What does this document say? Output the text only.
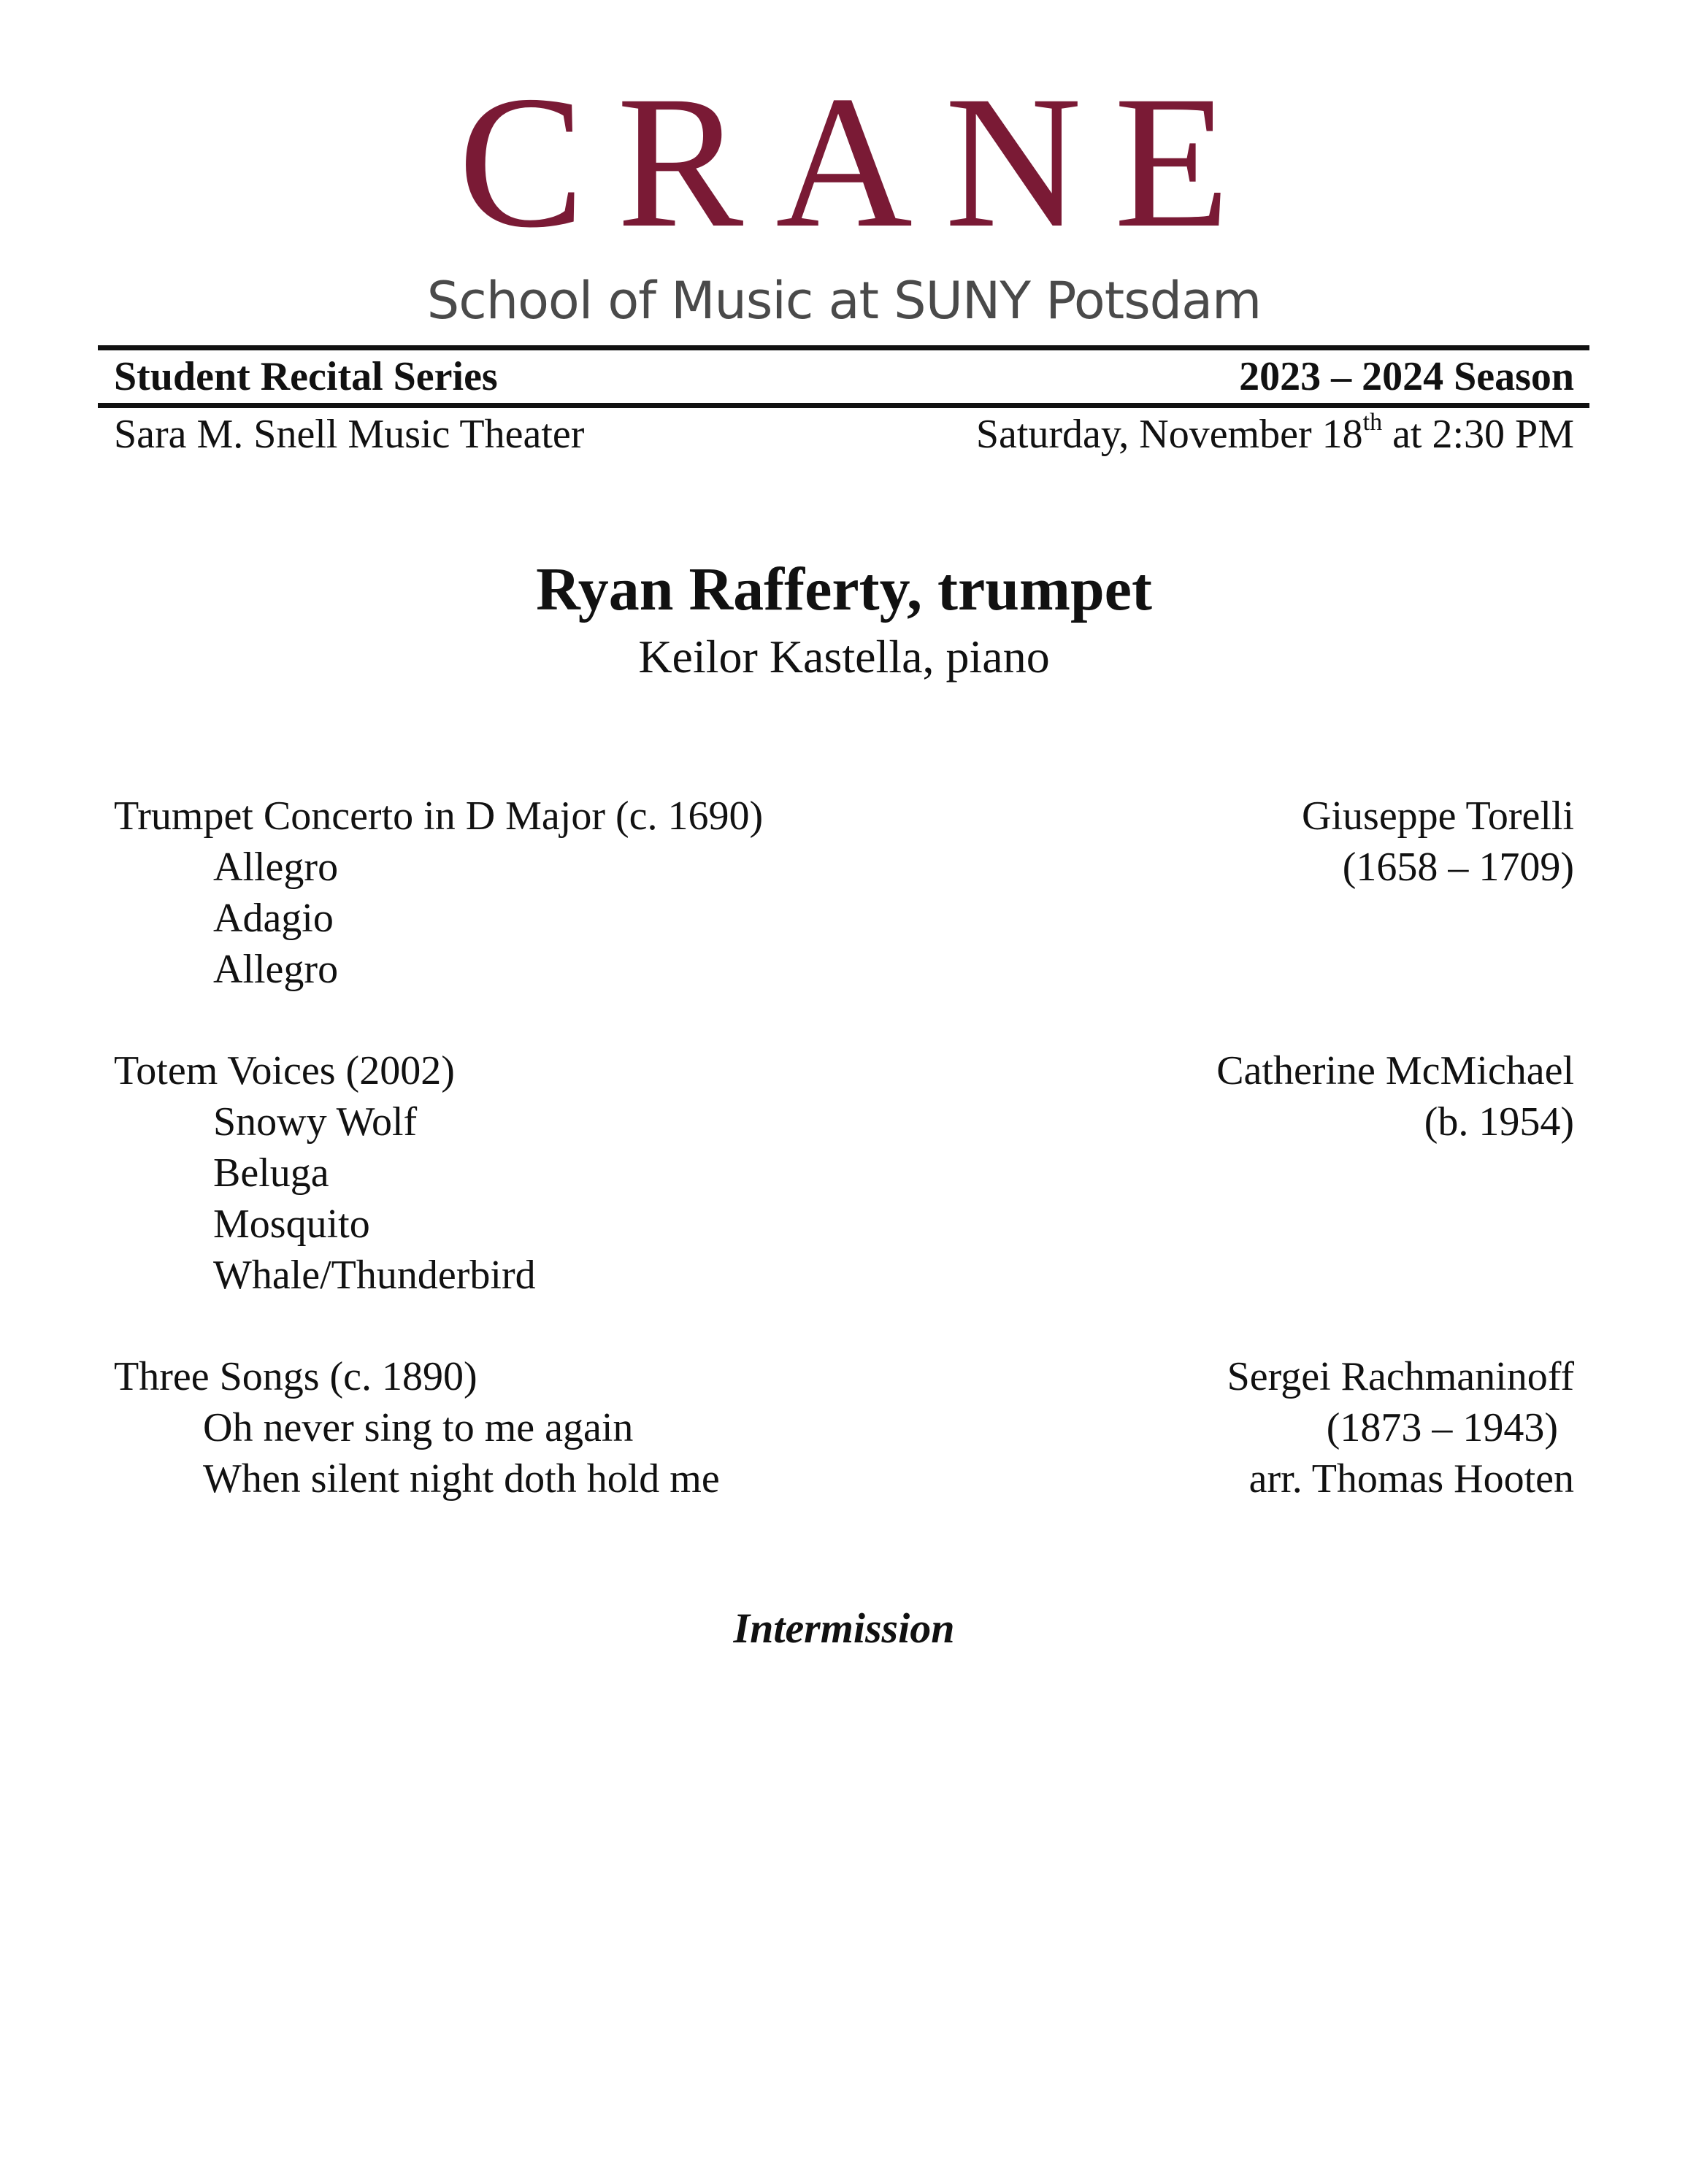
CRANE
School of Music at SUNY Potsdam
Student Recital Series	2023 – 2024 Season
Sara M. Snell Music Theater	Saturday, November 18th at 2:30 PM
Ryan Rafferty, trumpet
Keilor Kastella, piano
Trumpet Concerto in D Major (c. 1690)	Giuseppe Torelli
Allegro	(1658 – 1709)
Adagio
Allegro
Totem Voices (2002)	Catherine McMichael
Snowy Wolf	(b. 1954)
Beluga
Mosquito
Whale/Thunderbird
Three Songs (c. 1890)	Sergei Rachmaninoff
Oh never sing to me again	(1873 – 1943)
When silent night doth hold me	arr. Thomas Hooten
Intermission
